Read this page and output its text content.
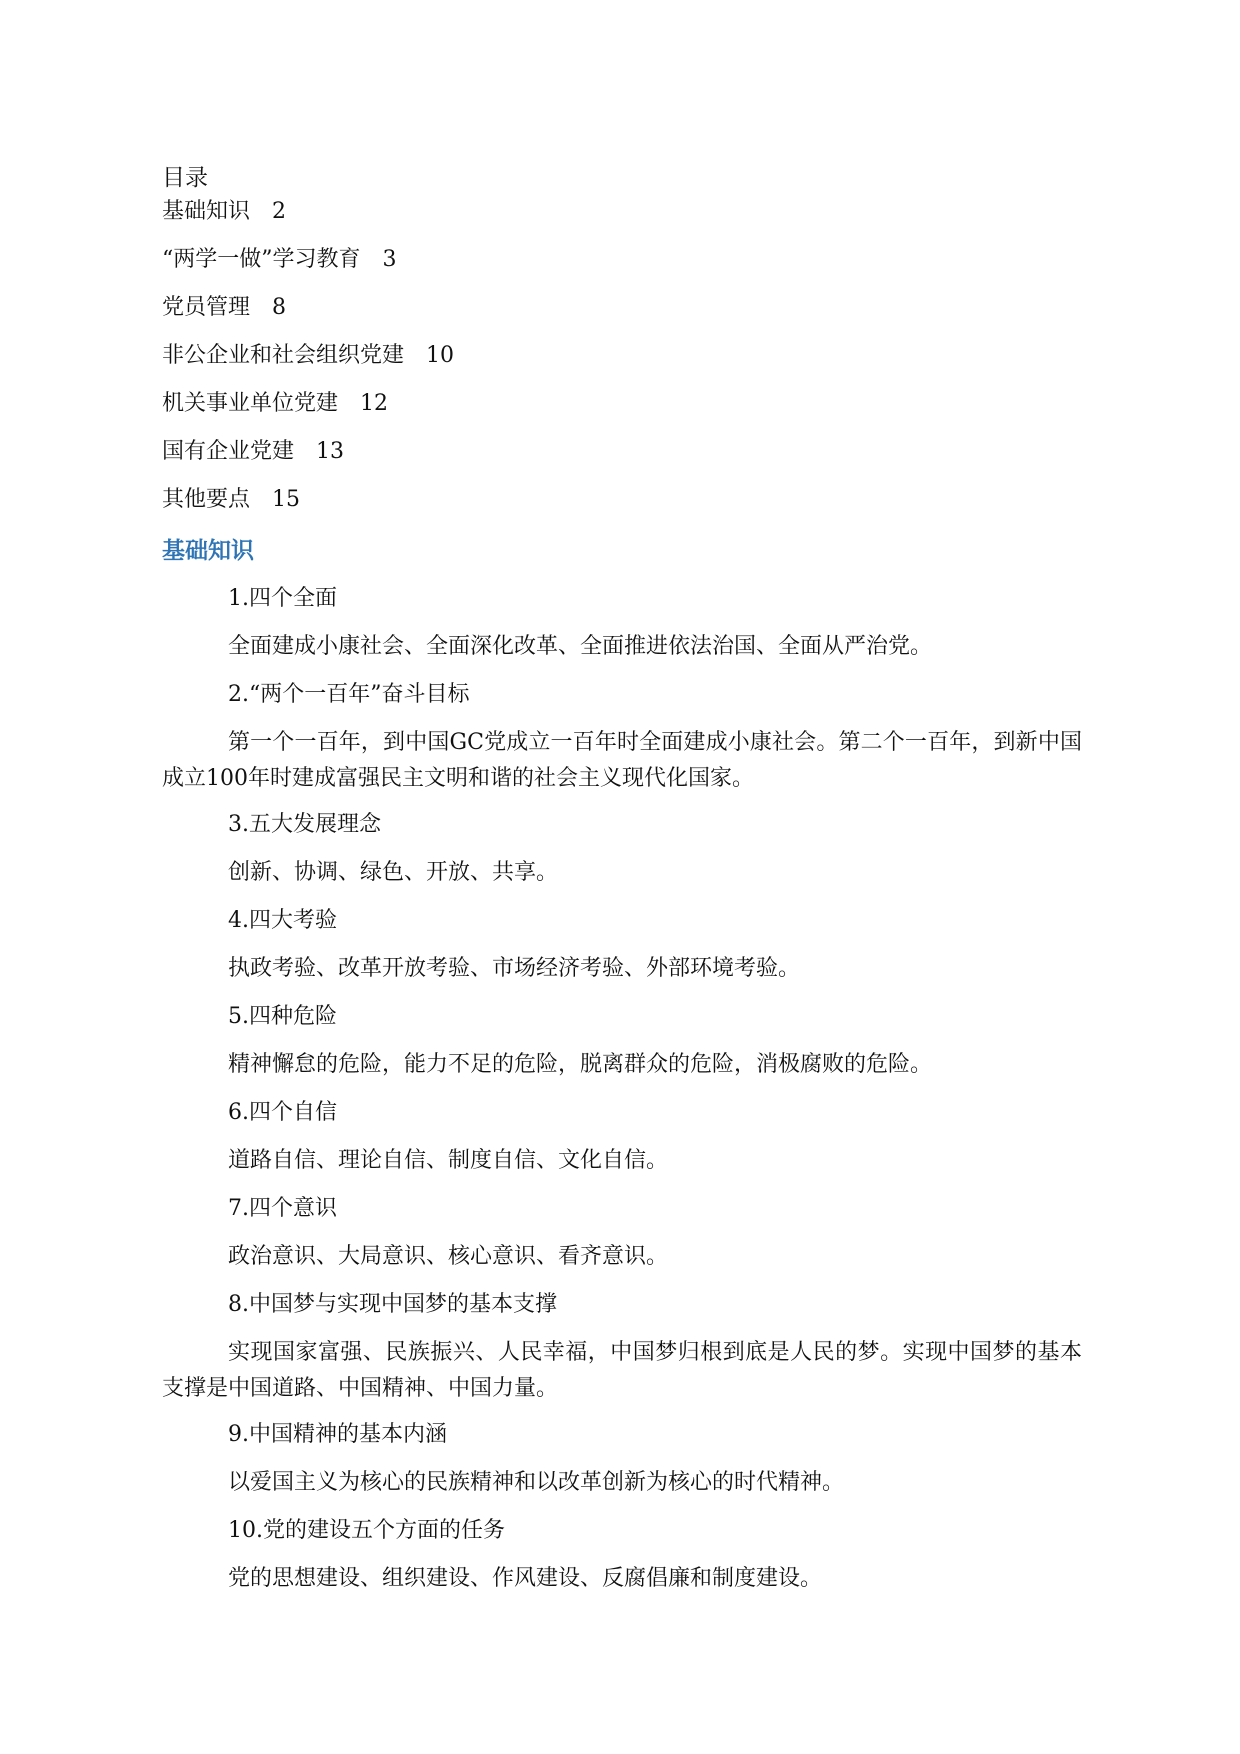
目录
基础知识 2
“两学一做”学习教育 3
党员管理 8
非公企业和社会组织党建 10
机关事业单位党建 12
国有企业党建 13
其他要点 15
基础知识
1.四个全面
全面建成小康社会、全面深化改革、全面推进依法治国、全面从严治党。
2.“两个一百年”奋斗目标
第一个一百年，到中国GC党成立一百年时全面建成小康社会。第二个一百年，到新中国成立100年时建成富强民主文明和谐的社会主义现代化国家。
3.五大发展理念
创新、协调、绿色、开放、共享。
4.四大考验
执政考验、改革开放考验、市场经济考验、外部环境考验。
5.四种危险
精神懈怠的危险，能力不足的危险，脱离群众的危险，消极腐败的危险。
6.四个自信
道路自信、理论自信、制度自信、文化自信。
7.四个意识
政治意识、大局意识、核心意识、看齐意识。
8.中国梦与实现中国梦的基本支撑
实现国家富强、民族振兴、人民幸福，中国梦归根到底是人民的梦。实现中国梦的基本支撑是中国道路、中国精神、中国力量。
9.中国精神的基本内涵
以爱国主义为核心的民族精神和以改革创新为核心的时代精神。
10.党的建设五个方面的任务
党的思想建设、组织建设、作风建设、反腐倡廉和制度建设。
